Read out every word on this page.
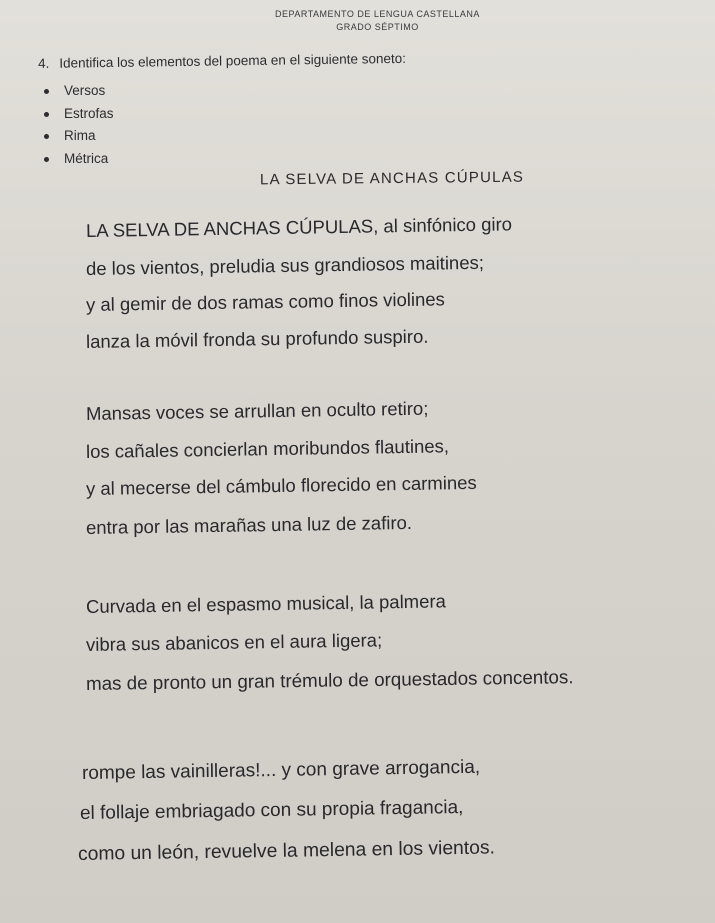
DEPARTAMENTO DE LENGUA CASTELLANA
GRADO SÉPTIMO
4. Identifica los elementos del poema en el siguiente soneto:
Versos
Estrofas
Rima
Métrica
LA SELVA DE ANCHAS CÚPULAS
LA SELVA DE ANCHAS CÚPULAS, al sinfónico giro
de los vientos, preludia sus grandiosos maitines;
y al gemir de dos ramas como finos violines
lanza la móvil fronda su profundo suspiro.
Mansas voces se arrullan en oculto retiro;
los cañales concierlan moribundos flautines,
y al mecerse del cámbulo florecido en carmines
entra por las marañas una luz de zafiro.
Curvada en el espasmo musical, la palmera
vibra sus abanicos en el aura ligera;
mas de pronto un gran trémulo de orquestados concentos.
rompe las vainilleras!... y con grave arrogancia,
el follaje embriagado con su propia fragancia,
como un león, revuelve la melena en los vientos.
